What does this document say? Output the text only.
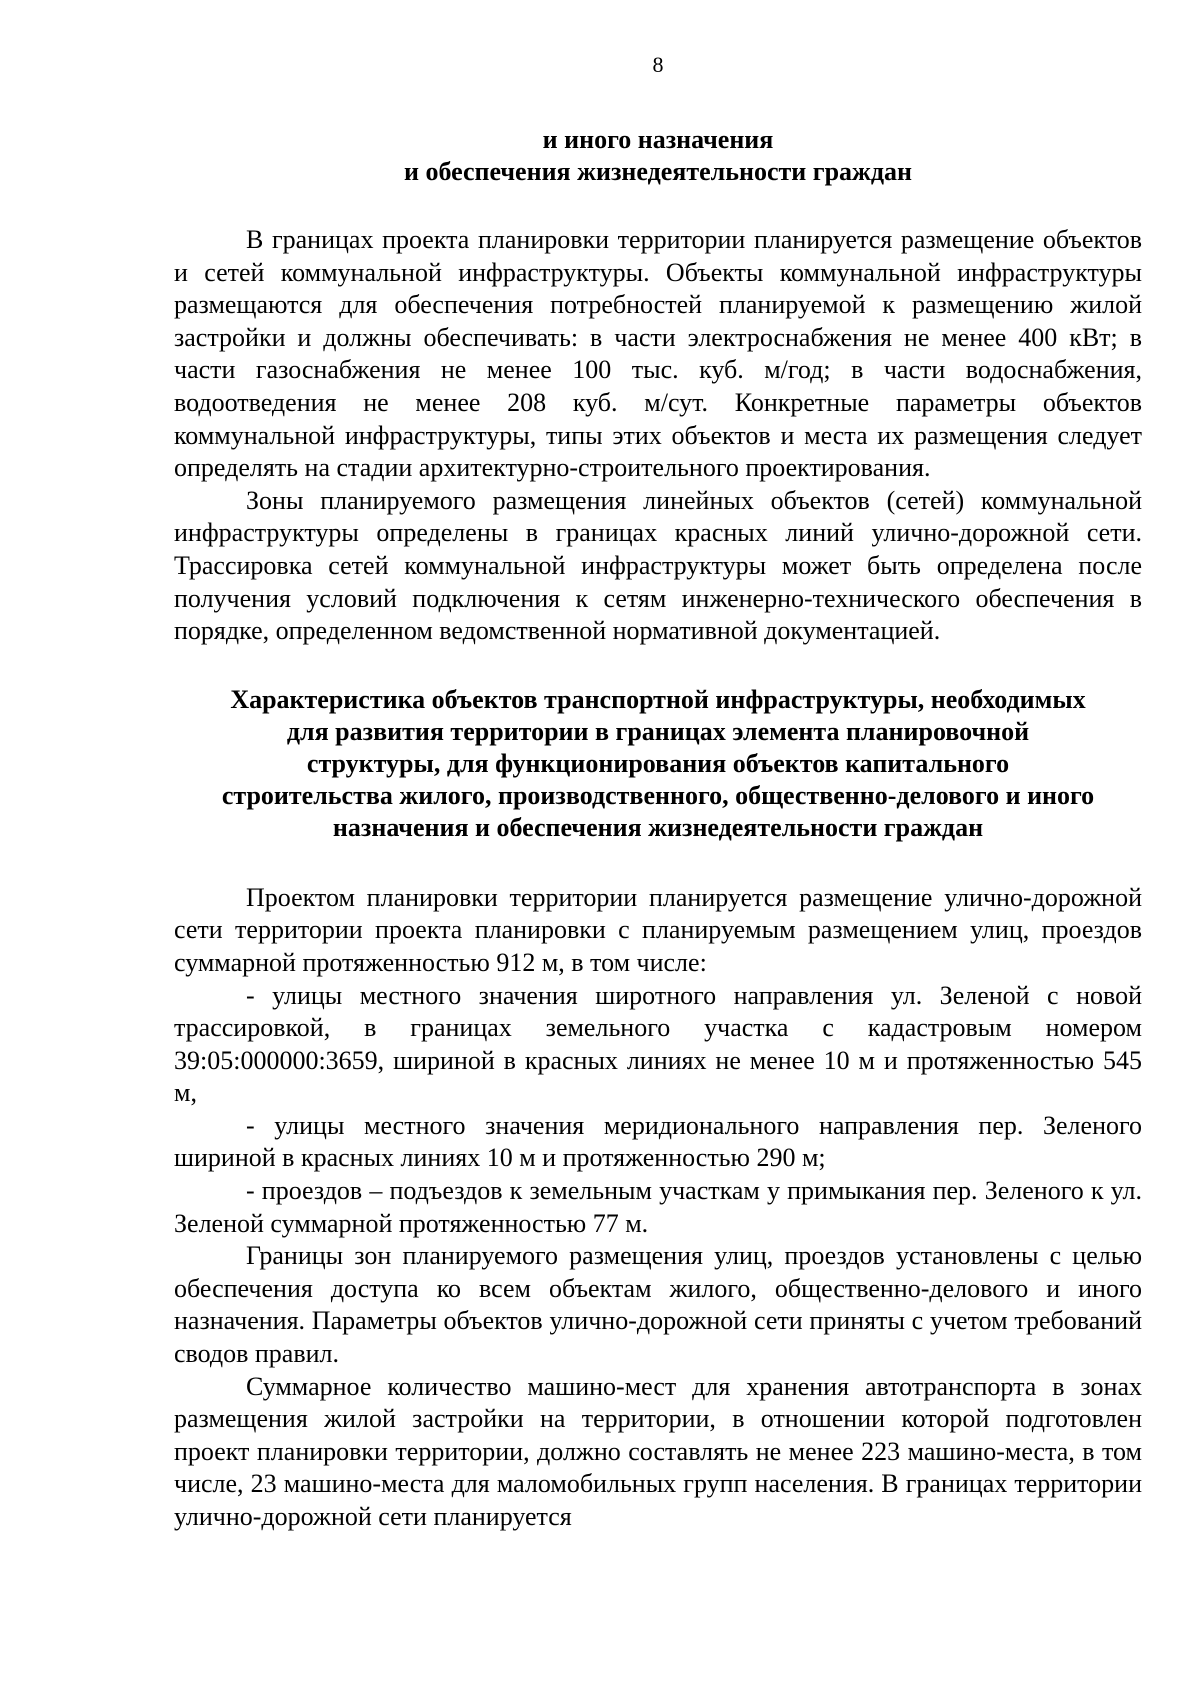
8
и иного назначения
и обеспечения жизнедеятельности граждан

В границах проекта планировки территории планируется размещение объектов и сетей коммунальной инфраструктуры. Объекты коммунальной инфраструктуры размещаются для обеспечения потребностей планируемой к размещению жилой застройки и должны обеспечивать: в части электроснабжения не менее 400 кВт; в части газоснабжения не менее 100 тыс. куб. м/год; в части водоснабжения, водоотведения не менее 208 куб. м/сут. Конкретные параметры объектов коммунальной инфраструктуры, типы этих объектов и места их размещения следует определять на стадии архитектурно-строительного проектирования.

Зоны планируемого размещения линейных объектов (сетей) коммунальной инфраструктуры определены в границах красных линий улично-дорожной сети. Трассировка сетей коммунальной инфраструктуры может быть определена после получения условий подключения к сетям инженерно-технического обеспечения в порядке, определенном ведомственной нормативной документацией.

Характеристика объектов транспортной инфраструктуры, необходимых
для развития территории в границах элемента планировочной
структуры, для функционирования объектов капитального
строительства жилого, производственного, общественно-делового и иного
назначения и обеспечения жизнедеятельности граждан

Проектом планировки территории планируется размещение улично-дорожной сети территории проекта планировки с планируемым размещением улиц, проездов суммарной протяженностью 912 м, в том числе:

- улицы местного значения широтного направления ул. Зеленой с новой трассировкой, в границах земельного участка с кадастровым номером 39:05:000000:3659, шириной в красных линиях не менее 10 м и протяженностью 545 м,

- улицы местного значения меридионального направления пер. Зеленого шириной в красных линиях 10 м и протяженностью 290 м;

- проездов – подъездов к земельным участкам у примыкания пер. Зеленого к ул. Зеленой суммарной протяженностью 77 м.

Границы зон планируемого размещения улиц, проездов установлены с целью обеспечения доступа ко всем объектам жилого, общественно-делового и иного назначения. Параметры объектов улично-дорожной сети приняты с учетом требований сводов правил.

Суммарное количество машино-мест для хранения автотранспорта в зонах размещения жилой застройки на территории, в отношении которой подготовлен проект планировки территории, должно составлять не менее 223 машино-места, в том числе, 23 машино-места для маломобильных групп населения. В границах территории улично-дорожной сети планируется
